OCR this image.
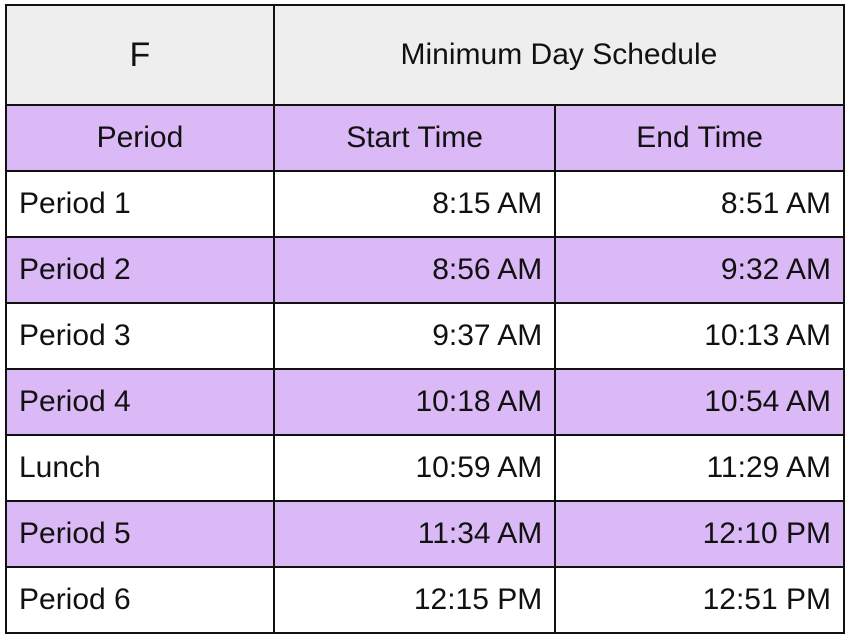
F	Minimum Day Schedule	
Period	Start Time	End Time
Period 1	8:15 AM	8:51 AM
Period 2	8:56 AM	9:32 AM
Period 3	9:37 AM	10:13 AM
Period 4	10:18 AM	10:54 AM
Lunch	10:59 AM	11:29 AM
Period 5	11:34 AM	12:10 PM
Period 6	12:15 PM	12:51 PM
